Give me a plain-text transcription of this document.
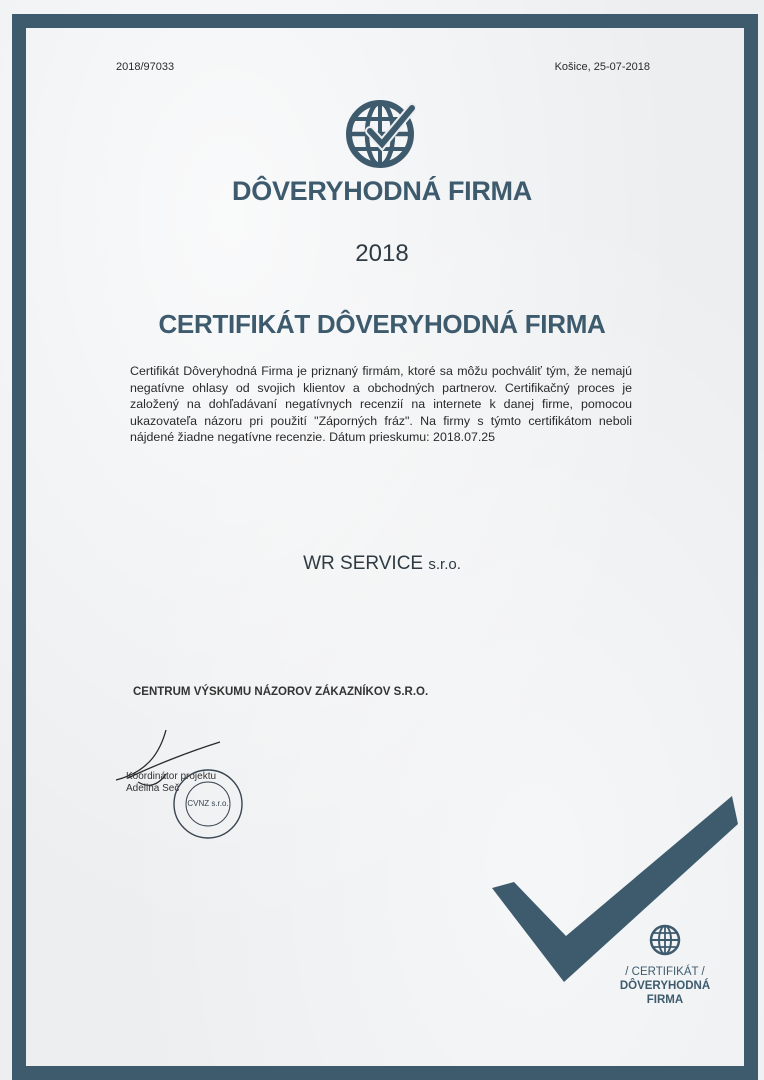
2018/97033	Košice, 25-07-2018
DÔVERYHODNÁ FIRMA
2018
CERTIFIKÁT DÔVERYHODNÁ FIRMA
Certifikát Dôveryhodná Firma je priznaný firmám, ktoré sa môžu pochváliť tým, že nemajú negatívne ohlasy od svojich klientov a obchodných partnerov. Certifikačný proces je založený na dohľadávaní negatívnych recenzií na internete k danej firme, pomocou ukazovateľa názoru pri použití "Záporných fráz". Na firmy s týmto certifikátom neboli nájdené žiadne negatívne recenzie. Dátum prieskumu: 2018.07.25
WR SERVICE s.r.o.
CENTRUM VÝSKUMU NÁZOROV ZÁKAZNÍKOV S.R.O.
Koordinátor projektu
Adelina Seč
CVNZ s.r.o.
/ CERTIFIKÁT /
DÔVERYHODNÁ
FIRMA
